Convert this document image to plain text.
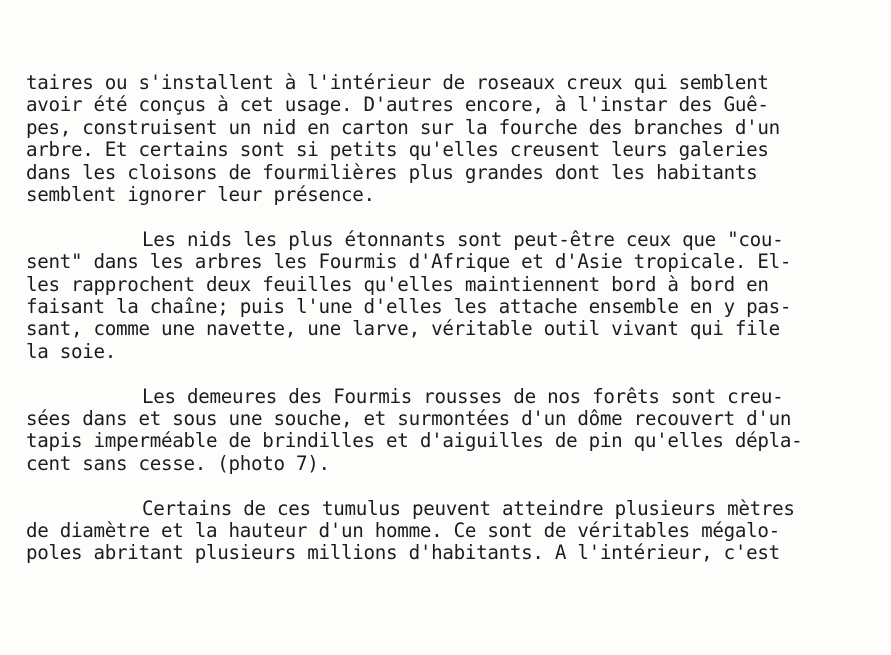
taires ou s'installent à l'intérieur de roseaux creux qui semblent
avoir été conçus à cet usage. D'autres encore, à l'instar des Guê-
pes, construisent un nid en carton sur la fourche des branches d'un
arbre. Et certains sont si petits qu'elles creusent leurs galeries
dans les cloisons de fourmilières plus grandes dont les habitants
semblent ignorer leur présence.
Les nids les plus étonnants sont peut-être ceux que "cou-
sent" dans les arbres les Fourmis d'Afrique et d'Asie tropicale. El-
les rapprochent deux feuilles qu'elles maintiennent bord à bord en
faisant la chaîne; puis l'une d'elles les attache ensemble en y pas-
sant, comme une navette, une larve, véritable outil vivant qui file
la soie.
Les demeures des Fourmis rousses de nos forêts sont creu-
sées dans et sous une souche, et surmontées d'un dôme recouvert d'un
tapis imperméable de brindilles et d'aiguilles de pin qu'elles dépla-
cent sans cesse. (photo 7).
Certains de ces tumulus peuvent atteindre plusieurs mètres
de diamètre et la hauteur d'un homme. Ce sont de véritables mégalo-
poles abritant plusieurs millions d'habitants. A l'intérieur, c'est
